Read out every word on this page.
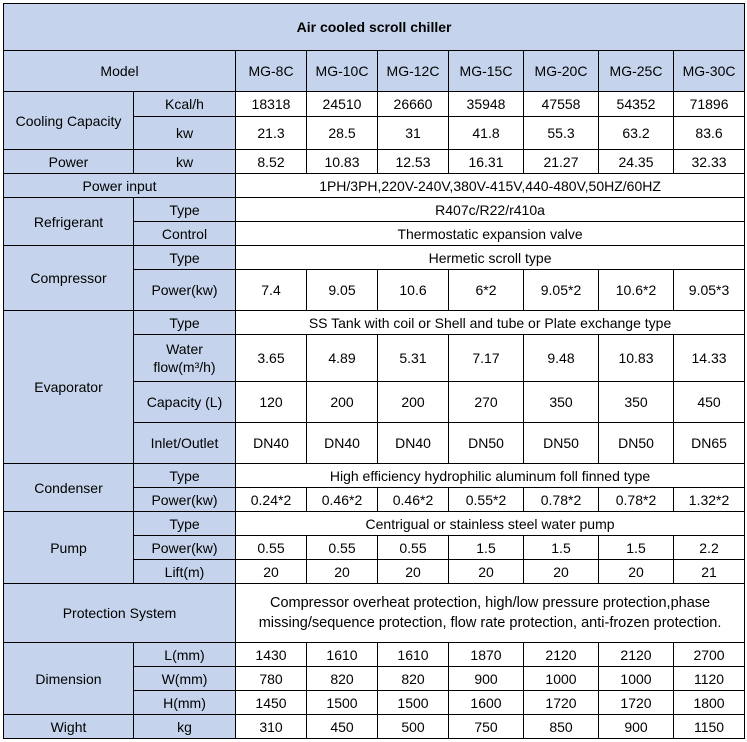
Air cooled scroll chiller								
Model		MG-8C	MG-10C	MG-12C	MG-15C	MG-20C	MG-25C	MG-30C
Cooling Capacity	Kcal/h	18318	24510	26660	35948	47558	54352	71896
	kw	21.3	28.5	31	41.8	55.3	63.2	83.6
Power	kw	8.52	10.83	12.53	16.31	21.27	24.35	32.33
Power input		1PH/3PH,220V-240V,380V-415V,440-480V,50HZ/60HZ						
Refrigerant	Type	R407c/R22/r410a						
	Control	Thermostatic expansion valve						
Compressor	Type	Hermetic scroll type						
	Power(kw)	7.4	9.05	10.6	6*2	9.05*2	10.6*2	9.05*3
Evaporator	Type	SS Tank with coil or Shell and tube or Plate exchange type						
	Water flow(m³/h)	3.65	4.89	5.31	7.17	9.48	10.83	14.33
	Capacity (L)	120	200	200	270	350	350	450
	Inlet/Outlet	DN40	DN40	DN40	DN50	DN50	DN50	DN65
Condenser	Type	High efficiency hydrophilic aluminum foll finned type						
	Power(kw)	0.24*2	0.46*2	0.46*2	0.55*2	0.78*2	0.78*2	1.32*2
Pump	Type	Centrigual or stainless steel water pump						
	Power(kw)	0.55	0.55	0.55	1.5	1.5	1.5	2.2
	Lift(m)	20	20	20	20	20	20	21
Protection System		Compressor overheat protection, high/low pressure protection,phase missing/sequence protection, flow rate protection, anti-frozen protection.						
Dimension	L(mm)	1430	1610	1610	1870	2120	2120	2700
	W(mm)	780	820	820	900	1000	1000	1120
	H(mm)	1450	1500	1500	1600	1720	1720	1800
Wight	kg	310	450	500	750	850	900	1150
